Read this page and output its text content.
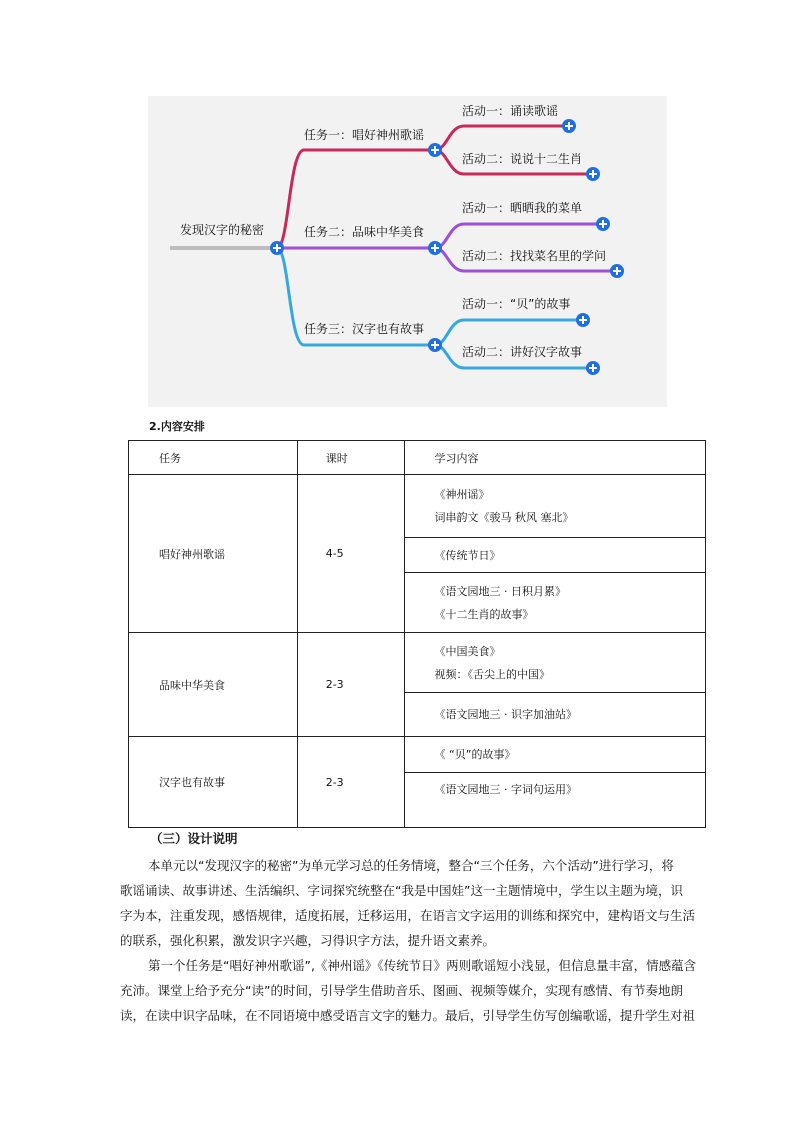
发现汉字的秘密
任务一：唱好神州歌谣
活动一：诵读歌谣
活动二：说说十二生肖
任务二：品味中华美食
活动一：晒晒我的菜单
活动二：找找菜名里的学问
任务三：汉字也有故事
活动一：“贝”的故事
活动二：讲好汉字故事
2.内容安排
任务	课时	学习内容
唱好神州歌谣	4-5	《神州谣》
词串韵文《骏马 秋风 塞北》

		《传统节日》

		《语文园地三 · 日积月累》
《十二生肖的故事》

品味中华美食	2-3	《中国美食》
视频：《舌尖上的中国》

		《语文园地三 · 识字加油站》

汉字也有故事	2-3	《 “贝”的故事》

		《语文园地三 · 字词句运用》
（三）设计说明
本单元以“发现汉字的秘密”为单元学习总的任务情境，整合“三个任务，六个活动”进行学习，将
歌谣诵读、故事讲述、生活编织、字词探究统整在“我是中国娃”这一主题情境中，学生以主题为境，识
字为本，注重发现，感悟规律，适度拓展，迁移运用，在语言文字运用的训练和探究中，建构语文与生活
的联系，强化积累，激发识字兴趣，习得识字方法，提升语文素养。
第一个任务是“唱好神州歌谣”,《神州谣》《传统节日》两则歌谣短小浅显，但信息量丰富，情感蕴含
充沛。课堂上给予充分“读”的时间，引导学生借助音乐、图画、视频等媒介，实现有感情、有节奏地朗
读，在读中识字品味，在不同语境中感受语言文字的魅力。最后，引导学生仿写创编歌谣，提升学生对祖
